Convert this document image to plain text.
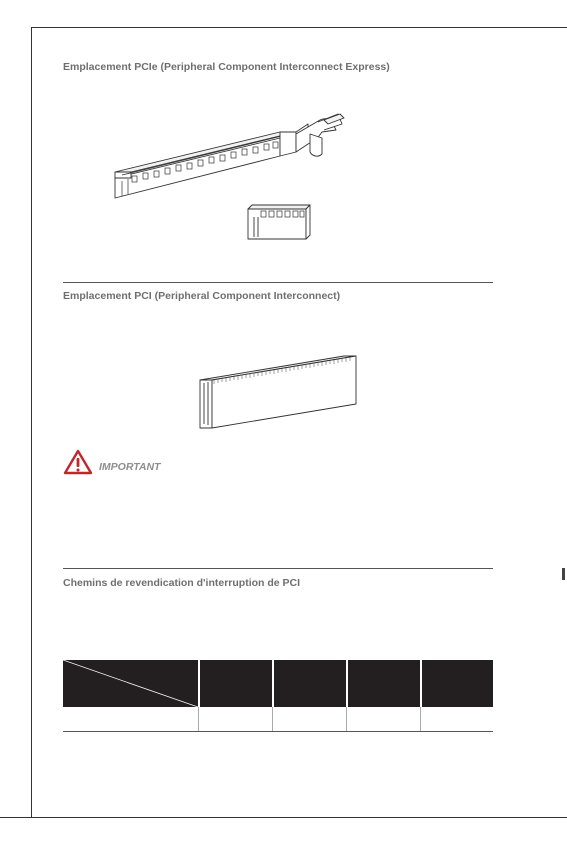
Emplacement PCIe (Peripheral Component Interconnect Express)
Emplacement PCI (Peripheral Component Interconnect)
IMPORTANT
Chemins de revendication d'interruption de PCI
